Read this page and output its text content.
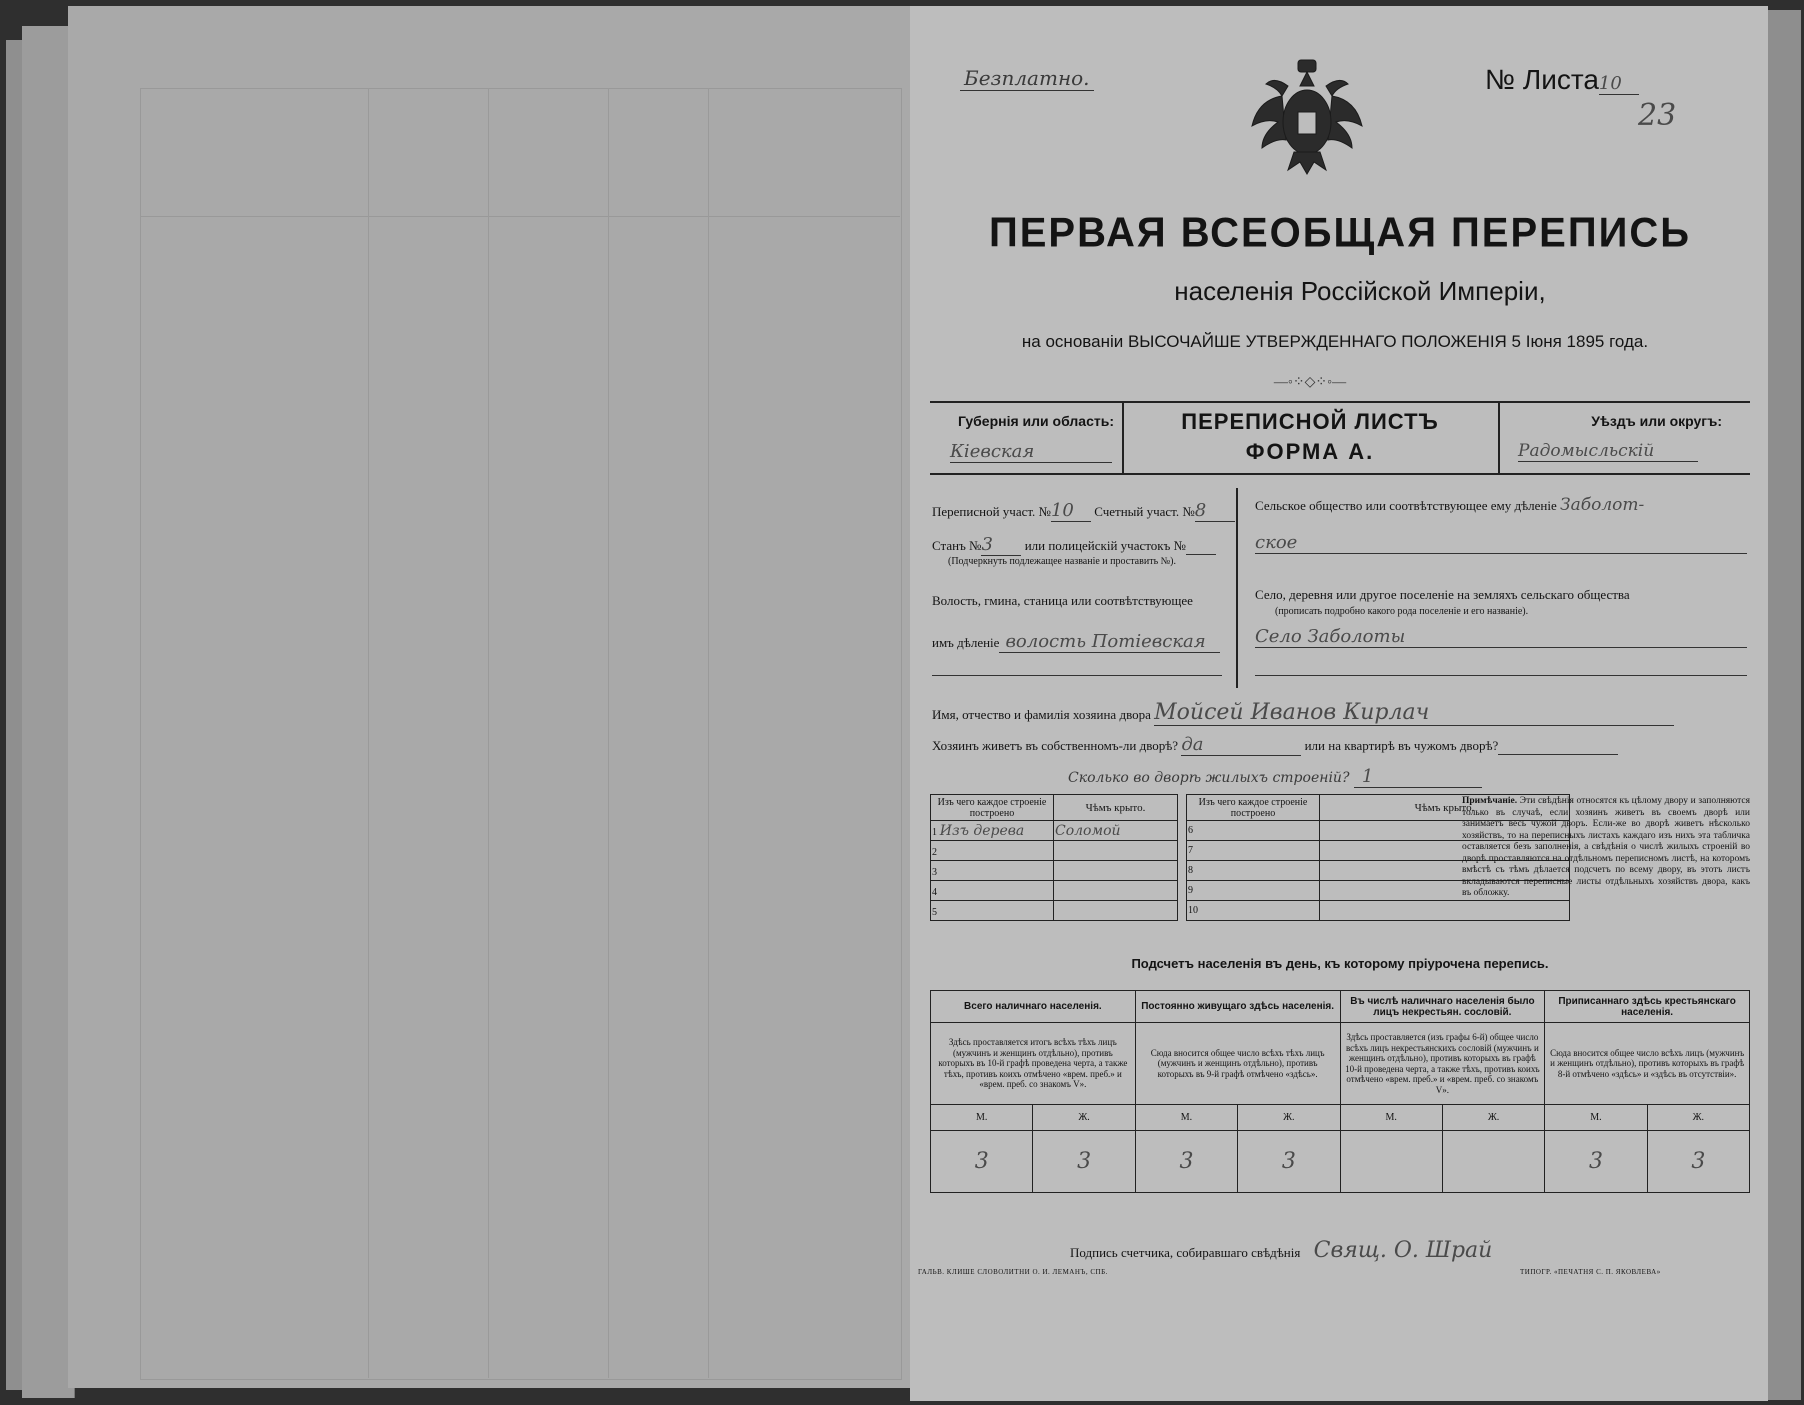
Безплатно.	№ Листа10
23
ПЕРВАЯ ВСЕОБЩАЯ ПЕРЕПИСЬ
населенія Россійской Имперіи,
на основаніи ВЫСОЧАЙШЕ УТВЕРЖДЕННАГО ПОЛОЖЕНІЯ 5 Іюня 1895 года.
—◦⁘◇⁘◦—
Губернія или область:
Кіевская
ПЕРЕПИСНОЙ ЛИСТЪ
ФОРМА А.
Уѣздъ или округъ:
Радомысльскій
Переписной участ. №10 Счетный участ. №8
Станъ №3 или полицейскій участокъ №
(Подчеркнуть подлежащее названіе и проставить №).
Волость, гмина, станица или соотвѣтствующее
имъ дѣленіе волость Потіевская
Сельское общество или соотвѣтствующее ему дѣленіе Заболот-
ское
Село, деревня или другое поселеніе на земляхъ сельскаго общества
(прописать подробно какого рода поселеніе и его названіе).
Село Заболоты
Имя, отчество и фамилія хозяина двора Мойсей Иванов Кирлач
Хозяинъ живетъ въ собственномъ-ли дворѣ? да	или на квартирѣ въ чужомъ дворѣ?
Сколько во дворѣ жилыхъ строеній? 1
Изъ чего каждое строеніе построено	Чѣмъ крыто.
1 Изъ дерева	Соломой
2	
3	
4	
5	
Изъ чего каждое строеніе построено	Чѣмъ крыто.
6	
7	
8	
9	
10	
Примѣчаніе. Эти свѣдѣнія относятся къ цѣлому двору и заполняются только въ случаѣ, если хозяинъ живетъ въ своемъ дворѣ или занимаетъ весь чужой дворъ. Если-же во дворѣ живетъ нѣсколько хозяйствъ, то на переписныхъ листахъ каждаго изъ нихъ эта табличка оставляется безъ заполненія, а свѣдѣнія о числѣ жилыхъ строеній во дворѣ проставляются на отдѣльномъ переписномъ листѣ, на которомъ вмѣстѣ съ тѣмъ дѣлается подсчетъ по всему двору, въ этотъ листъ вкладываются переписные листы отдѣльныхъ хозяйствъ двора, какъ въ обложку.
Подсчетъ населенія въ день, къ которому пріурочена перепись.
Всего наличнаго населенія.		Постоянно живущаго здѣсь населенія.		Въ числѣ наличнаго населенія было лицъ некрестьян. сословій.		Приписаннаго здѣсь крестьянскаго населенія.	
Здѣсь проставляется итогъ всѣхъ тѣхъ лицъ (мужчинъ и женщинъ отдѣльно), противъ которыхъ въ 10-й графѣ проведена черта, а также тѣхъ, противъ коихъ отмѣчено «врем. преб.» и «врем. преб. со знакомъ V».		Сюда вносится общее число всѣхъ тѣхъ лицъ (мужчинъ и женщинъ отдѣльно), противъ которыхъ въ 9-й графѣ отмѣчено «здѣсь».		Здѣсь проставляется (изъ графы 6-й) общее число всѣхъ лицъ некрестьянскихъ сословій (мужчинъ и женщинъ отдѣльно), противъ которыхъ въ графѣ 10-й проведена черта, а также тѣхъ, противъ коихъ отмѣчено «врем. преб.» и «врем. преб. со знакомъ V».		Сюда вносится общее число всѣхъ лицъ (мужчинъ и женщинъ отдѣльно), противъ которыхъ въ графѣ 8-й отмѣчено «здѣсь» и «здѣсь въ отсутствіи».	
М.	Ж.	М.	Ж.	М.	Ж.	М.	Ж.
3	3	3	3			3	3
Подпись счетчика, собиравшаго свѣдѣнія Свящ. О. Шрай
ГАЛЬВ. КЛИШЕ СЛОВОЛИТНИ О. И. ЛЕМАНЪ, СПБ.	ТИПОГР. «ПЕЧАТНЯ С. П. ЯКОВЛЕВА»
